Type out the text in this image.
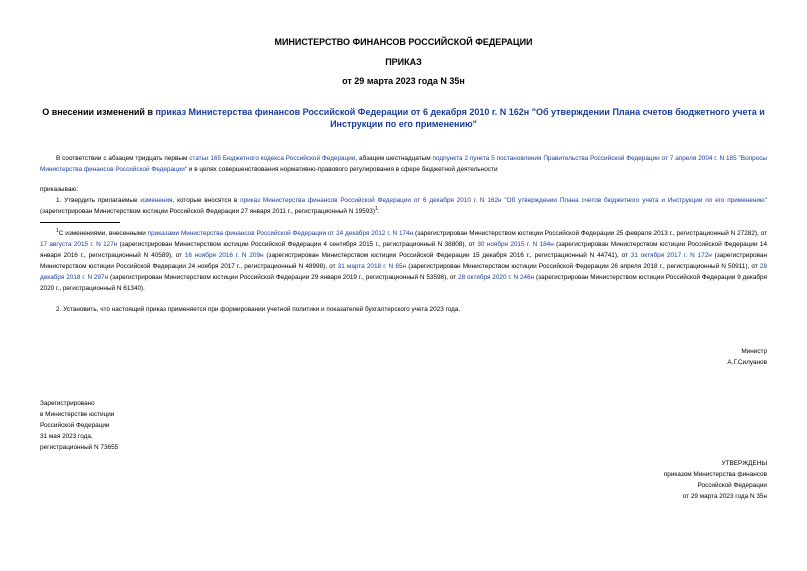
МИНИСТЕРСТВО ФИНАНСОВ РОССИЙСКОЙ ФЕДЕРАЦИИ
ПРИКАЗ
от 29 марта 2023 года N 35н
О внесении изменений в приказ Министерства финансов Российской Федерации от 6 декабря 2010 г. N 162н "Об утверждении Плана счетов бюджетного учета и Инструкции по его применению"
В соответствии с абзацем тридцать первым статьи 165 Бюджетного кодекса Российской Федерации, абзацем шестнадцатым подпункта 2 пункта 5 постановления Правительства Российской Федерации от 7 апреля 2004 г. N 185 "Вопросы Министерства финансов Российской Федерации" и в целях совершенствования нормативно-правового регулирования в сфере бюджетной деятельности
приказываю:
1. Утвердить прилагаемые изменения, которые вносятся в приказ Министерства финансов Российской Федерации от 6 декабря 2010 г. N 162н "Об утверждении Плана счетов бюджетного учета и Инструкции по его применению" (зарегистрирован Министерством юстиции Российской Федерации 27 января 2011 г., регистрационный N 19593)$^1$.
$^1$С изменениями, внесенными приказами Министерства финансов Российской Федерации от 24 декабря 2012 г. N 174н (зарегистрирован Министерством юстиции Российской Федерации 25 февраля 2013 г., регистрационный N 27282), от 17 августа 2015 г. N 127н (зарегистрирован Министерством юстиции Российской Федерации 4 сентября 2015 г., регистрационный N 38808), от 30 ноября 2015 г. N 184н (зарегистрирован Министерством юстиции Российской Федерации 14 января 2016 г., регистрационный N 40589), от 16 ноября 2016 г. N 209н (зарегистрирован Министерством юстиции Российской Федерации 15 декабря 2016 г., регистрационный N 44741), от 31 октября 2017 г. N 172н (зарегистрирован Министерством юстиции Российской Федерации 24 ноября 2017 г., регистрационный N 48998), от 31 марта 2018 г. N 65н (зарегистрирован Министерством юстиции Российской Федерации 26 апреля 2018 г., регистрационный N 50911), от 28 декабря 2018 г. N 297н (зарегистрирован Министерством юстиции Российской Федерации 29 января 2019 г., регистрационный N 53598), от 28 октября 2020 г. N 246н (зарегистрирован Министерством юстиции Российской Федерации 9 декабря 2020 г., регистрационный N 61340).
2. Установить, что настоящий приказ применяется при формировании учетной политики и показателей бухгалтерского учета 2023 года.
Министр
А.Г.Силуанов
Зарегистрировано
в Министерстве юстиции
Российской Федерации
31 мая 2023 года,
регистрационный N 73655
УТВЕРЖДЕНЫ
приказом Министерства финансов
Российской Федерации
от 29 марта 2023 года N 35н
